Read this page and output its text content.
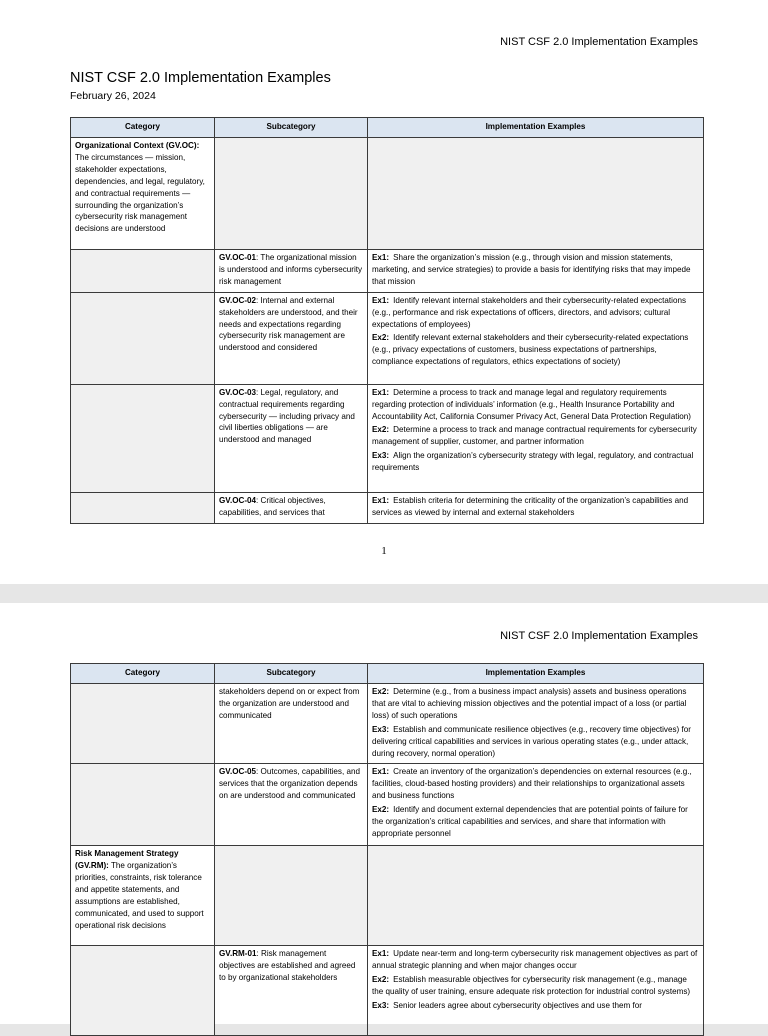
NIST CSF 2.0 Implementation Examples
NIST CSF 2.0 Implementation Examples
February 26, 2024
Category	Subcategory	Implementation Examples
Organizational Context (GV.OC): The circumstances — mission, stakeholder expectations, dependencies, and legal, regulatory, and contractual requirements — surrounding the organization’s cybersecurity risk management decisions are understood		
	GV.OC-01: The organizational mission is understood and informs cybersecurity risk management	Ex1: Share the organization’s mission (e.g., through vision and mission statements, marketing, and service strategies) to provide a basis for identifying risks that may impede that mission

	GV.OC-02: Internal and external stakeholders are understood, and their needs and expectations regarding cybersecurity risk management are understood and considered	Ex1: Identify relevant internal stakeholders and their cybersecurity-related expectations (e.g., performance and risk expectations of officers, directors, and advisors; cultural expectations of employees)
Ex2: Identify relevant external stakeholders and their cybersecurity-related expectations (e.g., privacy expectations of customers, business expectations of partnerships, compliance expectations of regulators, ethics expectations of society)

	GV.OC-03: Legal, regulatory, and contractual requirements regarding cybersecurity — including privacy and civil liberties obligations — are understood and managed	Ex1: Determine a process to track and manage legal and regulatory requirements regarding protection of individuals’ information (e.g., Health Insurance Portability and Accountability Act, California Consumer Privacy Act, General Data Protection Regulation)
Ex2: Determine a process to track and manage contractual requirements for cybersecurity management of supplier, customer, and partner information
Ex3: Align the organization’s cybersecurity strategy with legal, regulatory, and contractual requirements

	GV.OC-04: Critical objectives, capabilities, and services that	Ex1: Establish criteria for determining the criticality of the organization’s capabilities and services as viewed by internal and external stakeholders
1
NIST CSF 2.0 Implementation Examples
Category	Subcategory	Implementation Examples
	stakeholders depend on or expect from the organization are understood and communicated	Ex2: Determine (e.g., from a business impact analysis) assets and business operations that are vital to achieving mission objectives and the potential impact of a loss (or partial loss) of such operations
Ex3: Establish and communicate resilience objectives (e.g., recovery time objectives) for delivering critical capabilities and services in various operating states (e.g., under attack, during recovery, normal operation)

	GV.OC-05: Outcomes, capabilities, and services that the organization depends on are understood and communicated	Ex1: Create an inventory of the organization’s dependencies on external resources (e.g., facilities, cloud-based hosting providers) and their relationships to organizational assets and business functions
Ex2: Identify and document external dependencies that are potential points of failure for the organization’s critical capabilities and services, and share that information with appropriate personnel

Risk Management Strategy (GV.RM): The organization’s priorities, constraints, risk tolerance and appetite statements, and assumptions are established, communicated, and used to support operational risk decisions		
	GV.RM-01: Risk management objectives are established and agreed to by organizational stakeholders	Ex1: Update near-term and long-term cybersecurity risk management objectives as part of annual strategic planning and when major changes occur
Ex2: Establish measurable objectives for cybersecurity risk management (e.g., manage the quality of user training, ensure adequate risk protection for industrial control systems)
Ex3: Senior leaders agree about cybersecurity objectives and use them for
